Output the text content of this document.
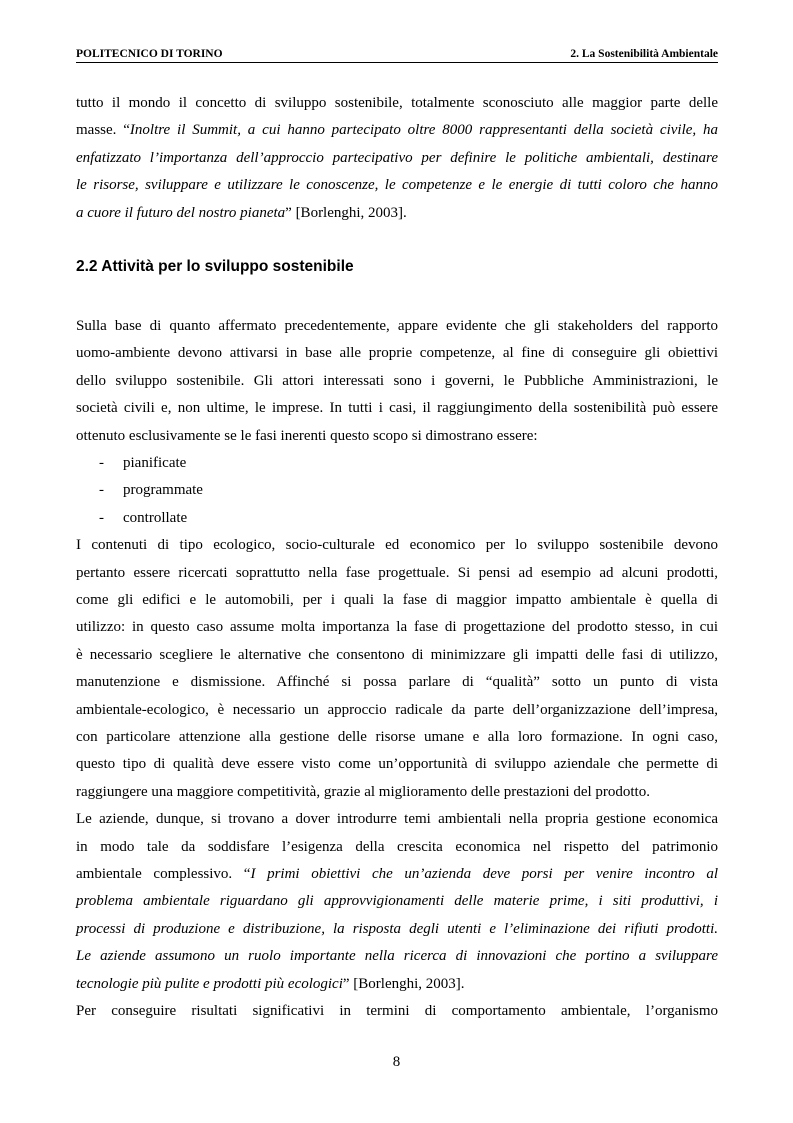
POLITECNICO DI TORINO	2. La Sostenibilità Ambientale
tutto il mondo il concetto di sviluppo sostenibile, totalmente sconosciuto alle maggior parte delle
masse. “Inoltre il Summit, a cui hanno partecipato oltre 8000 rappresentanti della società civile, ha
enfatizzato l’importanza dell’approccio partecipativo per definire le politiche ambientali, destinare
le risorse, sviluppare e utilizzare le conoscenze, le competenze e le energie di tutti coloro che hanno
a cuore il futuro del nostro pianeta” [Borlenghi, 2003].
2.2 Attività per lo sviluppo sostenibile
Sulla base di quanto affermato precedentemente, appare evidente che gli stakeholders del rapporto
uomo-ambiente devono attivarsi in base alle proprie competenze, al fine di conseguire gli obiettivi
dello sviluppo sostenibile. Gli attori interessati sono i governi, le Pubbliche Amministrazioni, le
società civili e, non ultime, le imprese. In tutti i casi, il raggiungimento della sostenibilità può essere
ottenuto esclusivamente se le fasi inerenti questo scopo si dimostrano essere:
- pianificate
- programmate
- controllate
I contenuti di tipo ecologico, socio-culturale ed economico per lo sviluppo sostenibile devono
pertanto essere ricercati soprattutto nella fase progettuale. Si pensi ad esempio ad alcuni prodotti,
come gli edifici e le automobili, per i quali la fase di maggior impatto ambientale è quella di
utilizzo: in questo caso assume molta importanza la fase di progettazione del prodotto stesso, in cui
è necessario scegliere le alternative che consentono di minimizzare gli impatti delle fasi di utilizzo,
manutenzione e dismissione. Affinché si possa parlare di “qualità” sotto un punto di vista
ambientale-ecologico, è necessario un approccio radicale da parte dell’organizzazione dell’impresa,
con particolare attenzione alla gestione delle risorse umane e alla loro formazione. In ogni caso,
questo tipo di qualità deve essere visto come un’opportunità di sviluppo aziendale che permette di
raggiungere una maggiore competitività, grazie al miglioramento delle prestazioni del prodotto.
Le aziende, dunque, si trovano a dover introdurre temi ambientali nella propria gestione economica
in modo tale da soddisfare l’esigenza della crescita economica nel rispetto del patrimonio
ambientale complessivo. “I primi obiettivi che un’azienda deve porsi per venire incontro al
problema ambientale riguardano gli approvvigionamenti delle materie prime, i siti produttivi, i
processi di produzione e distribuzione, la risposta degli utenti e l’eliminazione dei rifiuti prodotti.
Le aziende assumono un ruolo importante nella ricerca di innovazioni che portino a sviluppare
tecnologie più pulite e prodotti più ecologici” [Borlenghi, 2003].
Per conseguire risultati significativi in termini di comportamento ambientale, l’organismo
8
